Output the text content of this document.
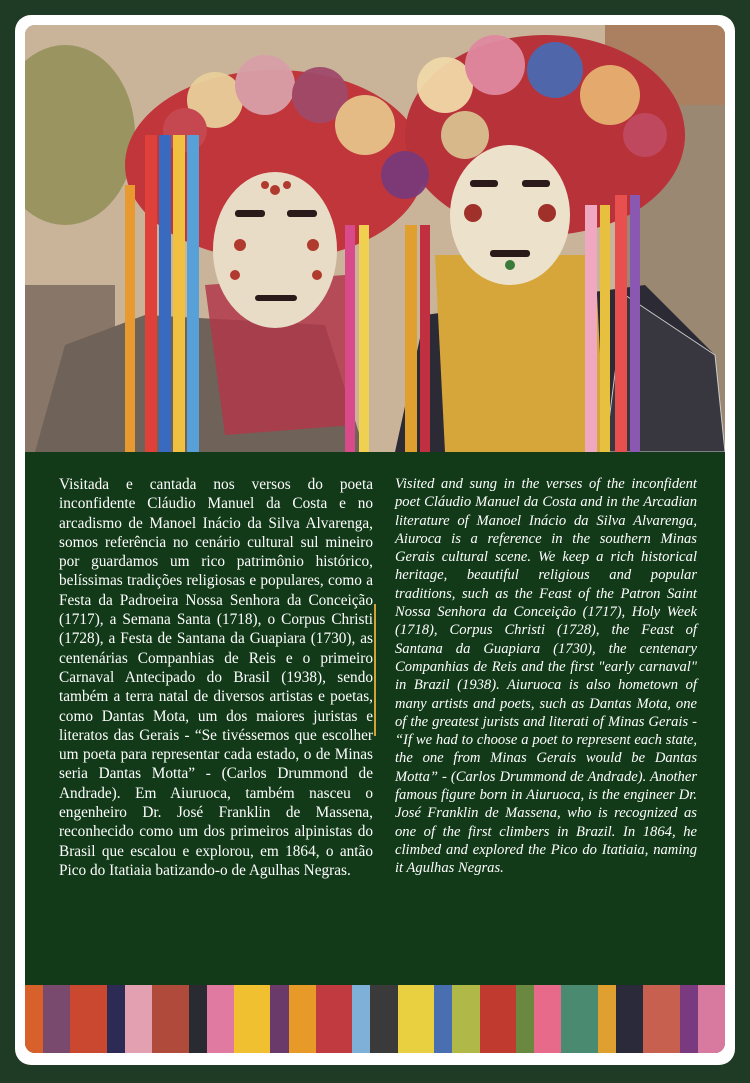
Visitada e cantada nos versos do poeta inconfidente Cláudio Manuel da Costa e no arcadismo de Manoel Inácio da Silva Alvarenga, somos referência no cenário cultural sul mineiro por guardamos um rico patrimônio histórico, belíssimas tradições religiosas e populares, como a Festa da Padroeira Nossa Senhora da Conceição (1717), a Semana Santa (1718), o Corpus Christi (1728), a Festa de Santana da Guapiara (1730), as centenárias Companhias de Reis e o primeiro Carnaval Antecipado do Brasil (1938), sendo também a terra natal de diversos artistas e poetas, como Dantas Mota, um dos maiores juristas e literatos das Gerais - “Se tivéssemos que escolher um poeta para representar cada estado, o de Minas seria Dantas Motta” - (Carlos Drummond de Andrade). Em Aiuruoca, também nasceu o engenheiro Dr. José Franklin de Massena, reconhecido como um dos primeiros alpinistas do Brasil que escalou e explorou, em 1864, o antão Pico do Itatiaia batizando-o de Agulhas Negras.

Visited and sung in the verses of the inconfident poet Cláudio Manuel da Costa and in the Arcadian literature of Manoel Inácio da Silva Alvarenga, Aiuroca is a reference in the southern Minas Gerais cultural scene. We keep a rich historical heritage, beautiful religious and popular traditions, such as the Feast of the Patron Saint Nossa Senhora da Conceição (1717), Holy Week (1718), Corpus Christi (1728), the Feast of Santana da Guapiara (1730), the centenary Companhias de Reis and the first "early carnaval" in Brazil (1938). Aiuruoca is also hometown of many artists and poets, such as Dantas Mota, one of the greatest jurists and literati of Minas Gerais - “If we had to choose a poet to represent each state, the one from Minas Gerais would be Dantas Motta” - (Carlos Drummond de Andrade). Another famous figure born in Aiuruoca, is the engineer Dr. José Franklin de Massena, who is recognized as one of the first climbers in Brazil. In 1864, he climbed and explored the Pico do Itatiaia, naming it Agulhas Negras.
